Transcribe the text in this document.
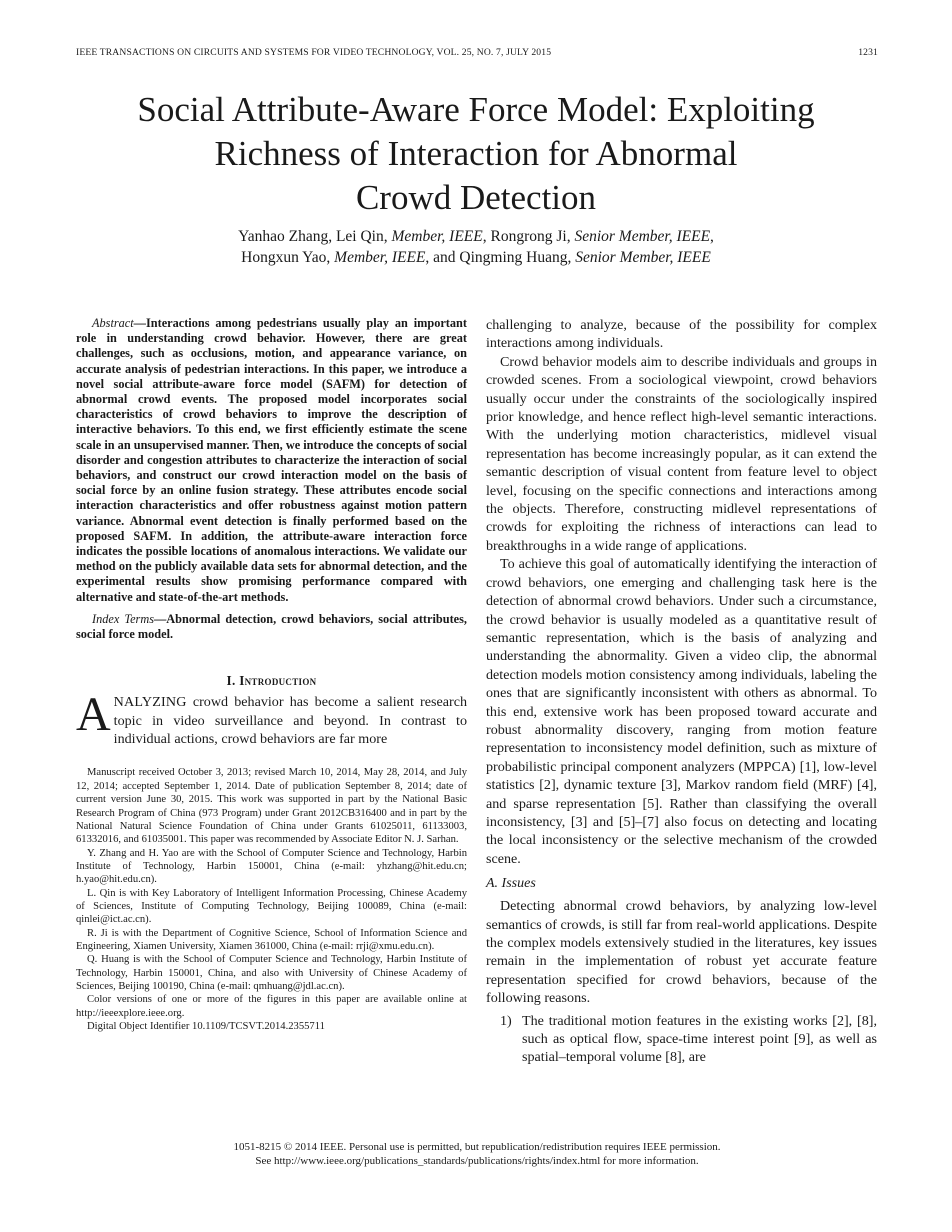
IEEE TRANSACTIONS ON CIRCUITS AND SYSTEMS FOR VIDEO TECHNOLOGY, VOL. 25, NO. 7, JULY 2015	1231
Social Attribute-Aware Force Model: Exploiting
Richness of Interaction for Abnormal
Crowd Detection
Yanhao Zhang, Lei Qin, Member, IEEE, Rongrong Ji, Senior Member, IEEE,
Hongxun Yao, Member, IEEE, and Qingming Huang, Senior Member, IEEE

Abstract—Interactions among pedestrians usually play an important role in understanding crowd behavior. However, there are great challenges, such as occlusions, motion, and appearance variance, on accurate analysis of pedestrian interactions. In this paper, we introduce a novel social attribute-aware force model (SAFM) for detection of abnormal crowd events. The proposed model incorporates social characteristics of crowd behaviors to improve the description of interactive behaviors. To this end, we first efficiently estimate the scene scale in an unsupervised manner. Then, we introduce the concepts of social disorder and congestion attributes to characterize the interaction of social behaviors, and construct our crowd interaction model on the basis of social force by an online fusion strategy. These attributes encode social interaction characteristics and offer robustness against motion pattern variance. Abnormal event detection is finally performed based on the proposed SAFM. In addition, the attribute-aware interaction force indicates the possible locations of anomalous interactions. We validate our method on the publicly available data sets for abnormal detection, and the experimental results show promising performance compared with alternative and state-of-the-art methods.

Index Terms—Abnormal detection, crowd behaviors, social attributes, social force model.

I. Introduction

ANALYZING crowd behavior has become a salient research topic in video surveillance and beyond. In contrast to individual actions, crowd behaviors are far more

Manuscript received October 3, 2013; revised March 10, 2014, May 28, 2014, and July 12, 2014; accepted September 1, 2014. Date of publication September 8, 2014; date of current version June 30, 2015. This work was supported in part by the National Basic Research Program of China (973 Program) under Grant 2012CB316400 and in part by the National Natural Science Foundation of China under Grants 61025011, 61133003, 61332016, and 61035001. This paper was recommended by Associate Editor N. J. Sarhan.

Y. Zhang and H. Yao are with the School of Computer Science and Technology, Harbin Institute of Technology, Harbin 150001, China (e-mail: yhzhang@hit.edu.cn; h.yao@hit.edu.cn).

L. Qin is with Key Laboratory of Intelligent Information Processing, Chinese Academy of Sciences, Institute of Computing Technology, Beijing 100089, China (e-mail: qinlei@ict.ac.cn).

R. Ji is with the Department of Cognitive Science, School of Information Science and Engineering, Xiamen University, Xiamen 361000, China (e-mail: rrji@xmu.edu.cn).

Q. Huang is with the School of Computer Science and Technology, Harbin Institute of Technology, Harbin 150001, China, and also with University of Chinese Academy of Sciences, Beijing 100190, China (e-mail: qmhuang@jdl.ac.cn).

Color versions of one or more of the figures in this paper are available online at http://ieeexplore.ieee.org.

Digital Object Identifier 10.1109/TCSVT.2014.2355711

challenging to analyze, because of the possibility for complex interactions among individuals.

Crowd behavior models aim to describe individuals and groups in crowded scenes. From a sociological viewpoint, crowd behaviors usually occur under the constraints of the sociologically inspired prior knowledge, and hence reflect high-level semantic interactions. With the underlying motion characteristics, midlevel visual representation has become increasingly popular, as it can extend the semantic description of visual content from feature level to object level, focusing on the specific connections and interactions among the objects. Therefore, constructing midlevel representations of crowds for exploiting the richness of interactions can lead to breakthroughs in a wide range of applications.

To achieve this goal of automatically identifying the interaction of crowd behaviors, one emerging and challenging task here is the detection of abnormal crowd behaviors. Under such a circumstance, the crowd behavior is usually modeled as a quantitative result of semantic representation, which is the basis of analyzing and understanding the abnormality. Given a video clip, the abnormal detection models motion consistency among individuals, labeling the ones that are significantly inconsistent with others as abnormal. To this end, extensive work has been proposed toward accurate and robust abnormality discovery, ranging from motion feature representation to inconsistency model definition, such as mixture of probabilistic principal component analyzers (MPPCA) [1], low-level statistics [2], dynamic texture [3], Markov random field (MRF) [4], and sparse representation [5]. Rather than classifying the overall inconsistency, [3] and [5]–[7] also focus on detecting and locating the local inconsistency or the selective mechanism of the crowded scene.

A. Issues

Detecting abnormal crowd behaviors, by analyzing low-level semantics of crowds, is still far from real-world applications. Despite the complex models extensively studied in the literatures, key issues remain in the implementation of robust yet accurate feature representation specified for crowd behaviors, because of the following reasons.

1) The traditional motion features in the existing works [2], [8], such as optical flow, space-time interest point [9], as well as spatial–temporal volume [8], are
1051-8215 © 2014 IEEE. Personal use is permitted, but republication/redistribution requires IEEE permission.
See http://www.ieee.org/publications_standards/publications/rights/index.html for more information.
